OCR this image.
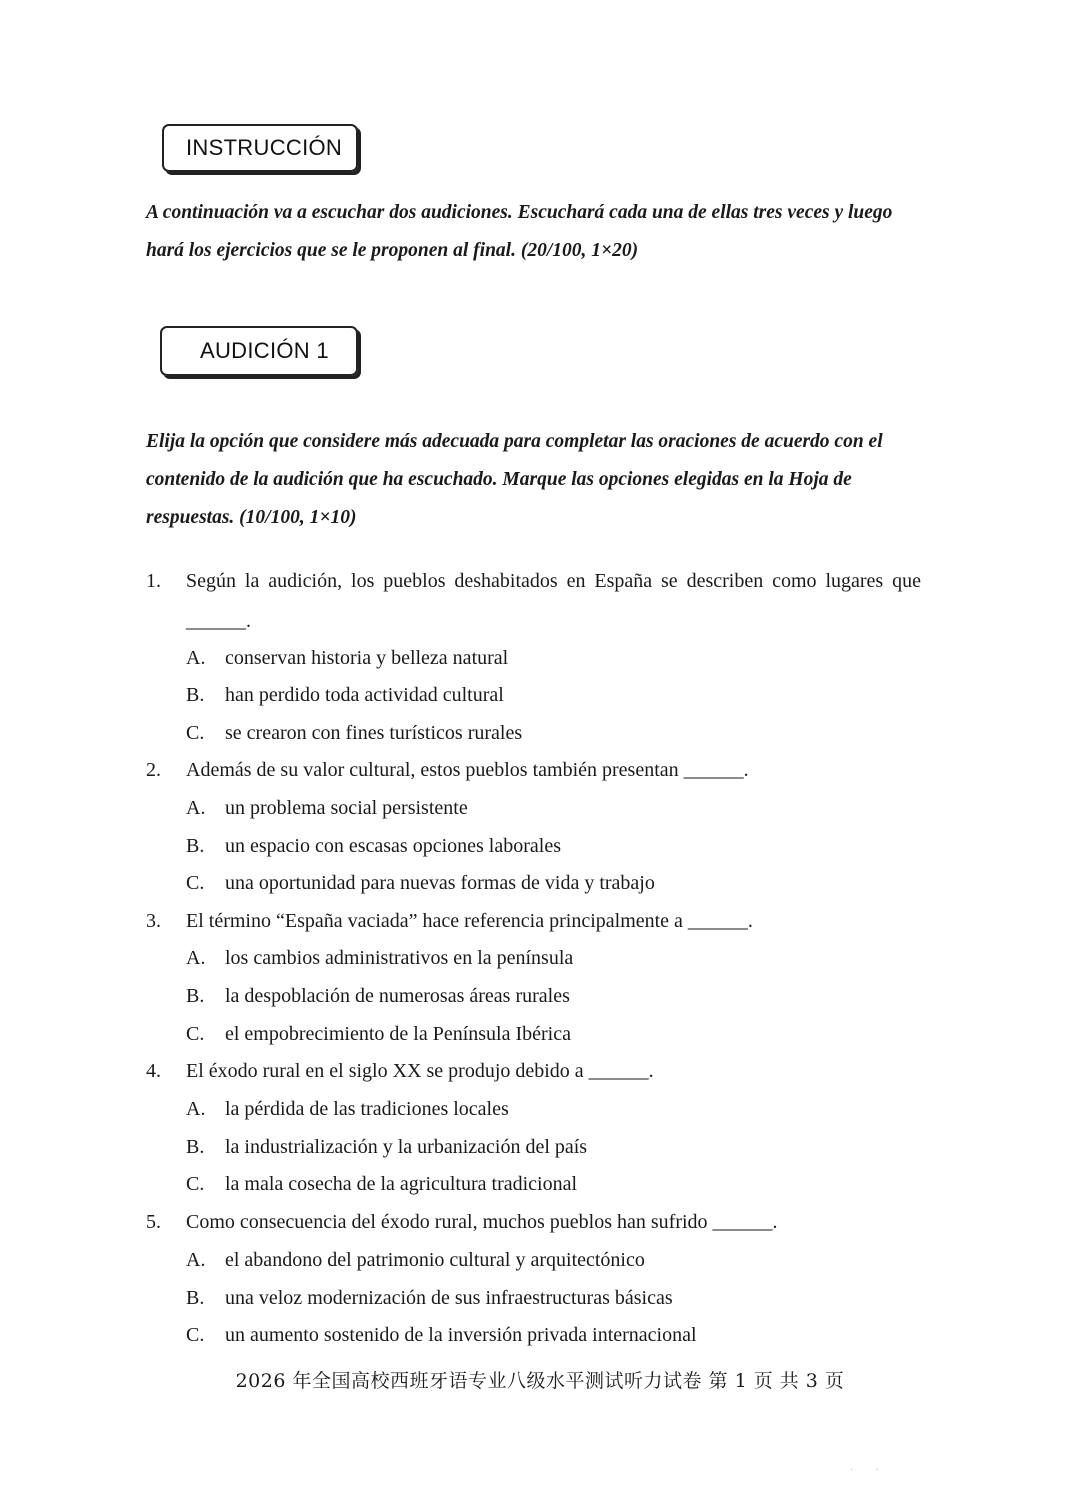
INSTRUCCIÓN
A continuación va a escuchar dos audiciones. Escuchará cada una de ellas tres veces y luego hará los ejercicios que se le proponen al final. (20/100, 1×20)
AUDICIÓN 1
Elija la opción que considere más adecuada para completar las oraciones de acuerdo con el contenido de la audición que ha escuchado. Marque las opciones elegidas en la Hoja de respuestas. (10/100, 1×10)
1.	Según la audición, los pueblos deshabitados en España se describen como lugares que ______.
A. conservan historia y belleza natural
B.	han perdido toda actividad cultural
C.	se crearon con fines turísticos rurales
2.	Además de su valor cultural, estos pueblos también presentan ______.
A. un problema social persistente
B.	un espacio con escasas opciones laborales
C.	una oportunidad para nuevas formas de vida y trabajo
3.	El término “España vaciada” hace referencia principalmente a ______.
A. los cambios administrativos en la península
B.	la despoblación de numerosas áreas rurales
C.	el empobrecimiento de la Península Ibérica
4.	El éxodo rural en el siglo XX se produjo debido a ______.
A. la pérdida de las tradiciones locales
B.	la industrialización y la urbanización del país
C.	la mala cosecha de la agricultura tradicional
5.	Como consecuencia del éxodo rural, muchos pueblos han sufrido ______.
A. el abandono del patrimonio cultural y arquitectónico
B.	una veloz modernización de sus infraestructuras básicas
C.	un aumento sostenido de la inversión privada internacional
2026 年全国高校西班牙语专业八级水平测试听力试卷 第 1 页 共 3 页
·       ·
